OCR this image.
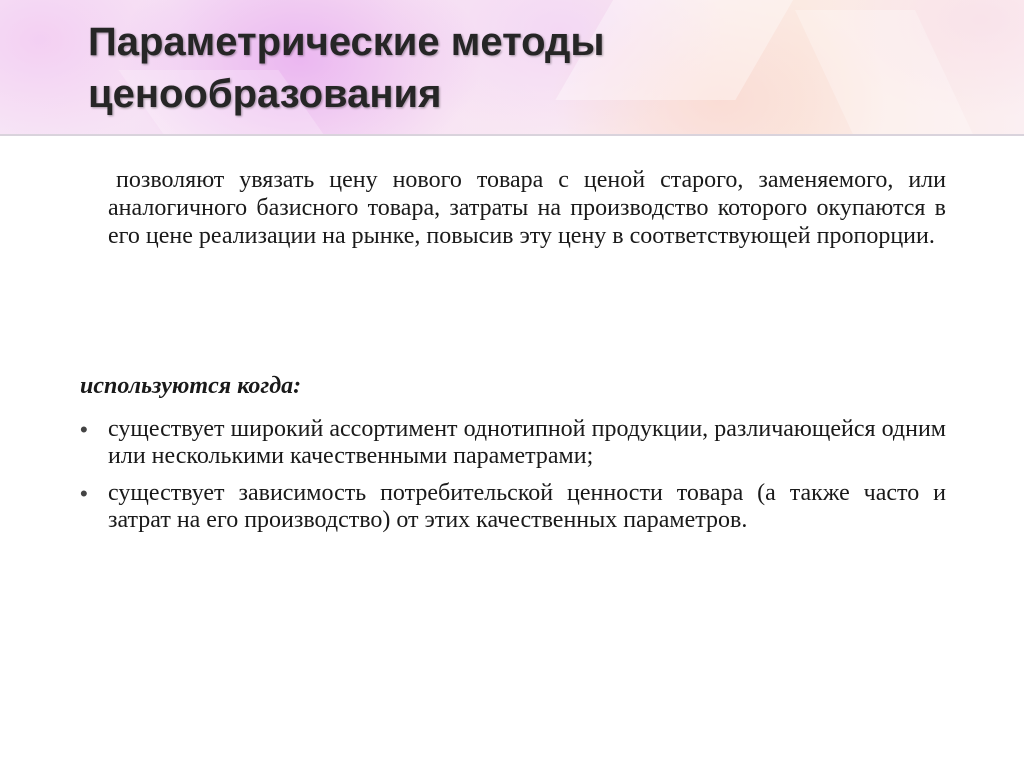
Параметрические методы
ценообразования

позволяют увязать цену нового товара с ценой старого, заменяемого, или аналогичного базисного товара, затраты на производство которого окупаются в его цене реализации на рынке, повысив эту цену в соответствующей пропорции.

используются когда:

• существует широкий ассортимент однотипной продукции, различающейся одним или несколькими качественными параметрами;
• существует зависимость потребительской ценности товара (а также часто и затрат на его производство) от этих качественных параметров.
